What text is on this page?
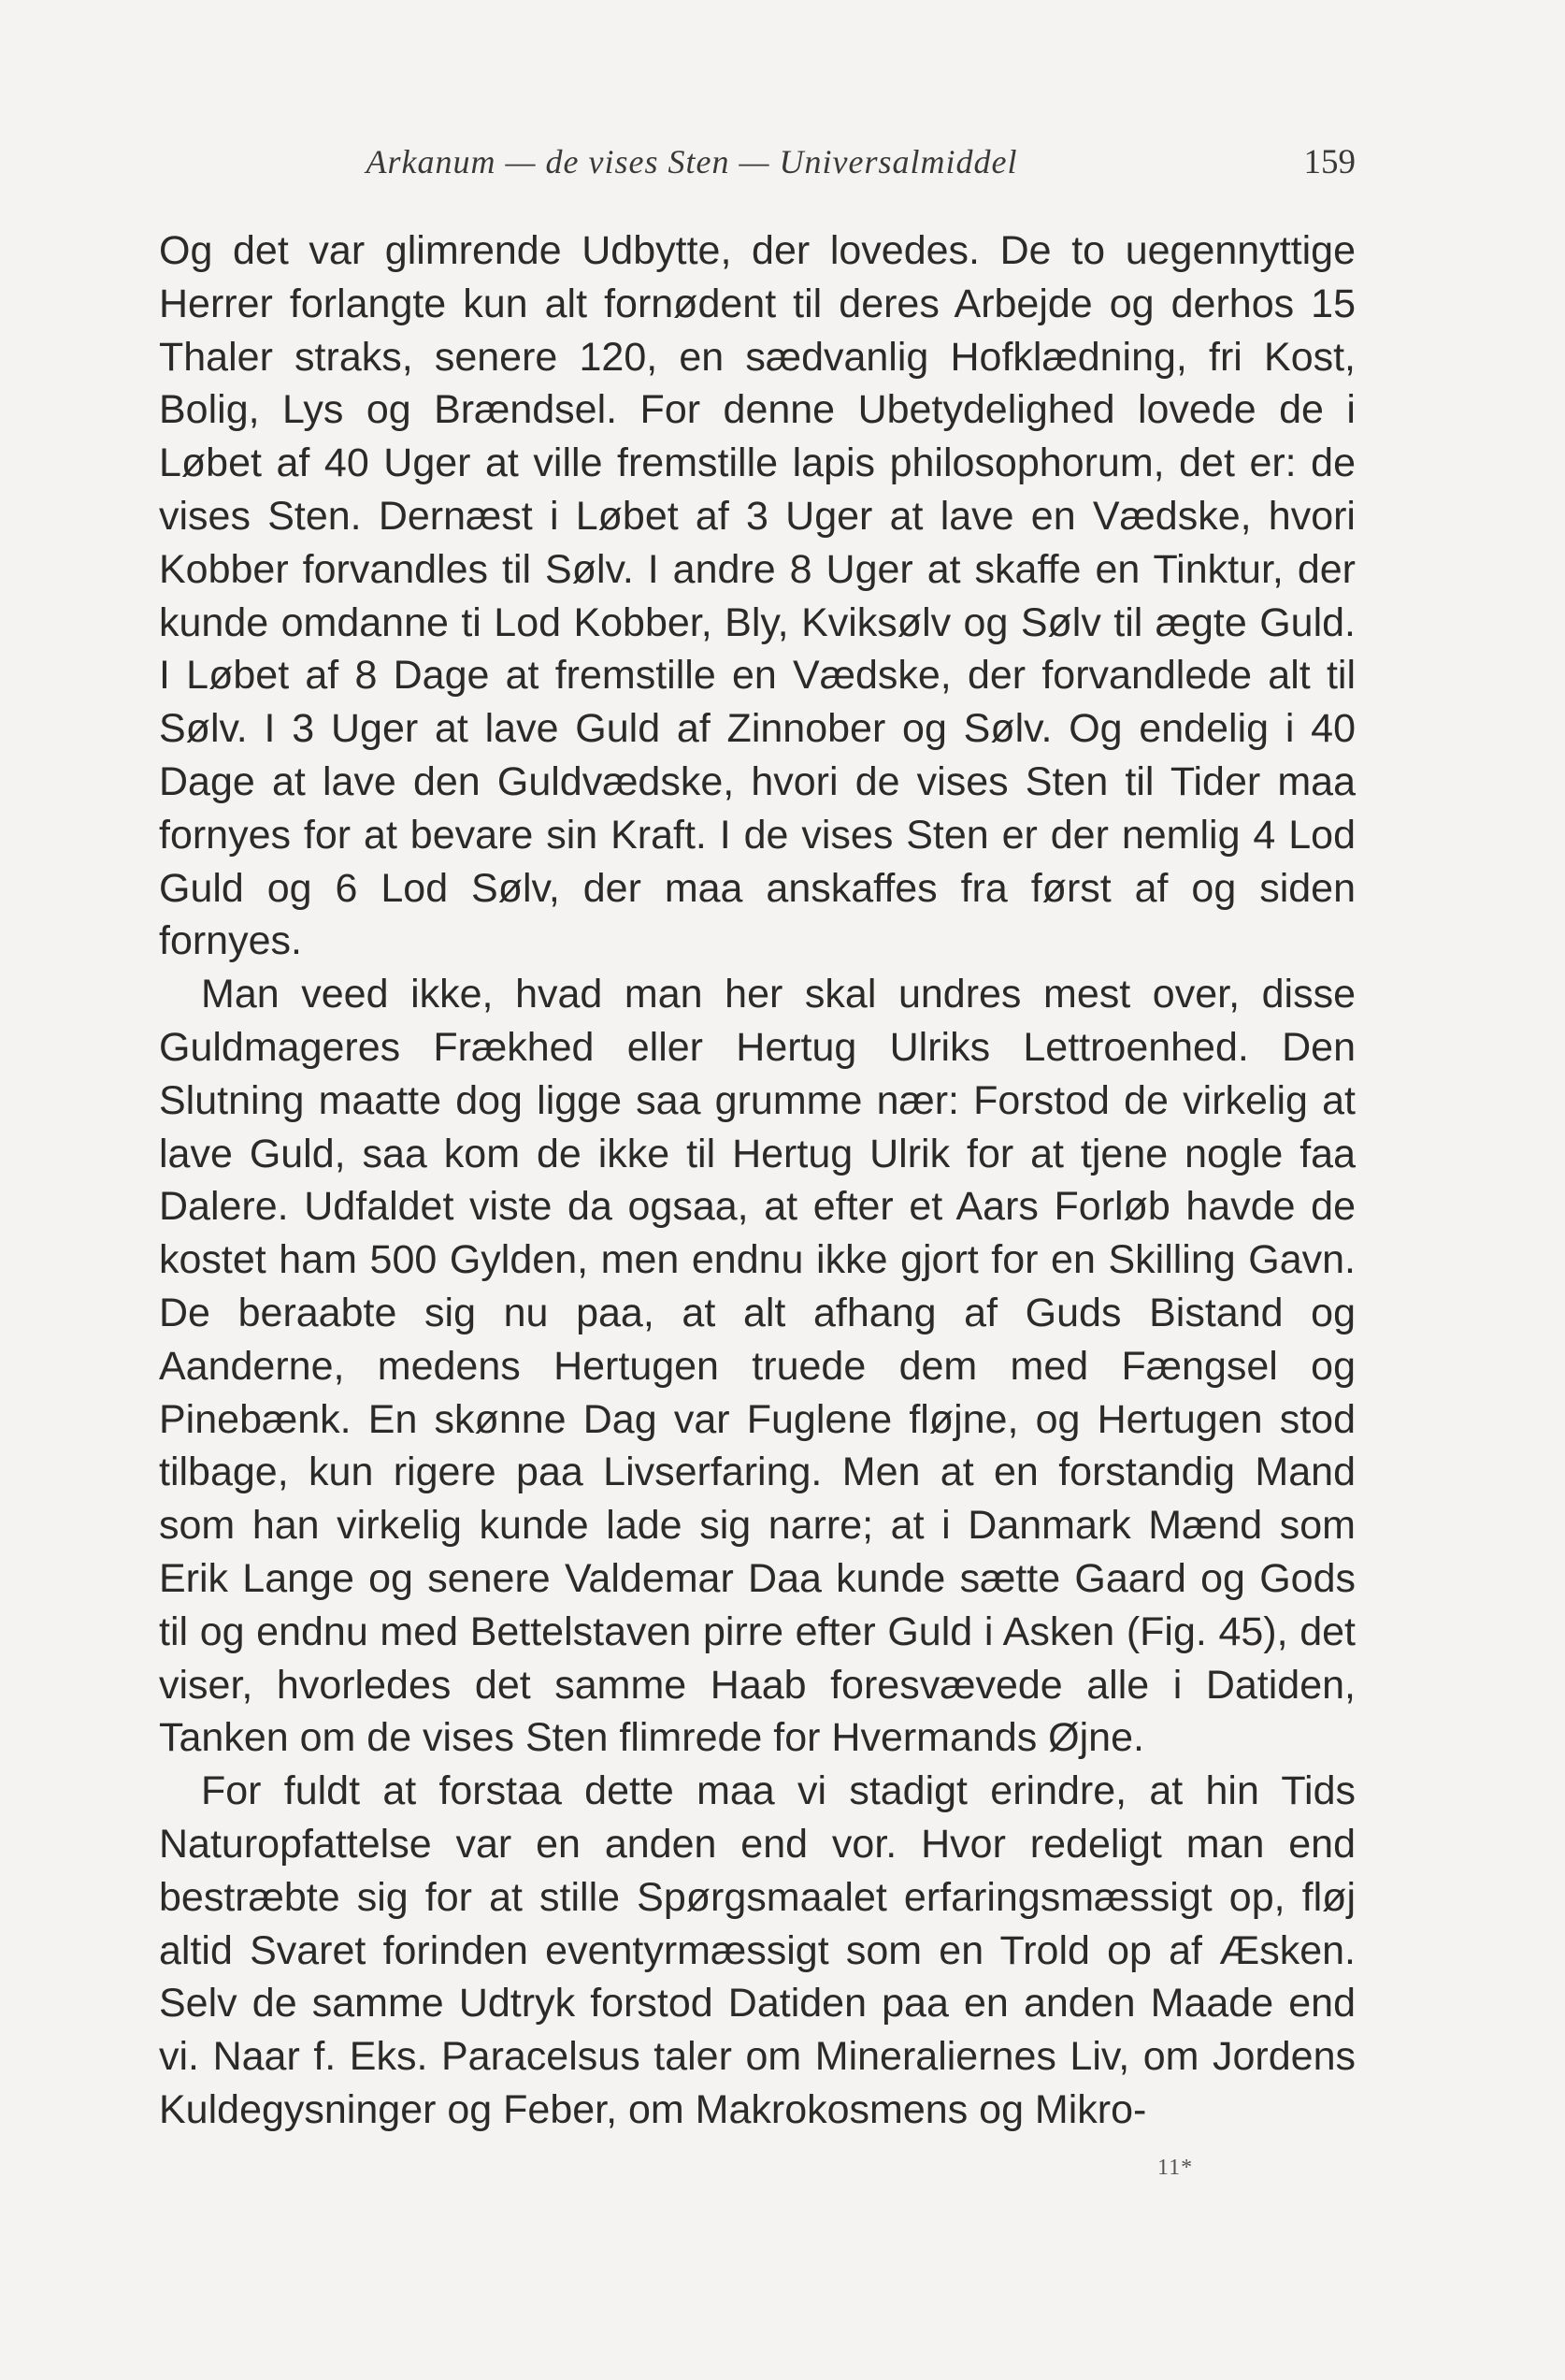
Arkanum — de vises Sten — Universalmiddel	159

Og det var glimrende Udbytte, der lovedes. De to uegennyttige Herrer forlangte kun alt fornødent til deres Arbejde og derhos 15 Thaler straks, senere 120, en sædvanlig Hofklædning, fri Kost, Bolig, Lys og Brændsel. For denne Ubetydelighed lovede de i Løbet af 40 Uger at ville fremstille lapis philosophorum, det er: de vises Sten. Dernæst i Løbet af 3 Uger at lave en Vædske, hvori Kobber forvandles til Sølv. I andre 8 Uger at skaffe en Tinktur, der kunde omdanne ti Lod Kobber, Bly, Kviksølv og Sølv til ægte Guld. I Løbet af 8 Dage at fremstille en Vædske, der forvandlede alt til Sølv. I 3 Uger at lave Guld af Zinnober og Sølv. Og endelig i 40 Dage at lave den Guldvædske, hvori de vises Sten til Tider maa fornyes for at bevare sin Kraft. I de vises Sten er der nemlig 4 Lod Guld og 6 Lod Sølv, der maa anskaffes fra først af og siden fornyes.

Man veed ikke, hvad man her skal undres mest over, disse Guldmageres Frækhed eller Hertug Ulriks Lettroenhed. Den Slutning maatte dog ligge saa grumme nær: Forstod de virkelig at lave Guld, saa kom de ikke til Hertug Ulrik for at tjene nogle faa Dalere. Udfaldet viste da ogsaa, at efter et Aars Forløb havde de kostet ham 500 Gylden, men endnu ikke gjort for en Skilling Gavn. De beraabte sig nu paa, at alt afhang af Guds Bistand og Aanderne, medens Hertugen truede dem med Fængsel og Pinebænk. En skønne Dag var Fuglene fløjne, og Hertugen stod tilbage, kun rigere paa Livserfaring. Men at en forstandig Mand som han virkelig kunde lade sig narre; at i Danmark Mænd som Erik Lange og senere Valdemar Daa kunde sætte Gaard og Gods til og endnu med Bettelstaven pirre efter Guld i Asken (Fig. 45), det viser, hvorledes det samme Haab foresvævede alle i Datiden, Tanken om de vises Sten flimrede for Hvermands Øjne.

For fuldt at forstaa dette maa vi stadigt erindre, at hin Tids Naturopfattelse var en anden end vor. Hvor redeligt man end bestræbte sig for at stille Spørgsmaalet erfaringsmæssigt op, fløj altid Svaret forinden eventyrmæssigt som en Trold op af Æsken. Selv de samme Udtryk forstod Datiden paa en anden Maade end vi. Naar f. Eks. Paracelsus taler om Mineraliernes Liv, om Jordens Kuldegysninger og Feber, om Makrokosmens og Mikro-

11*
